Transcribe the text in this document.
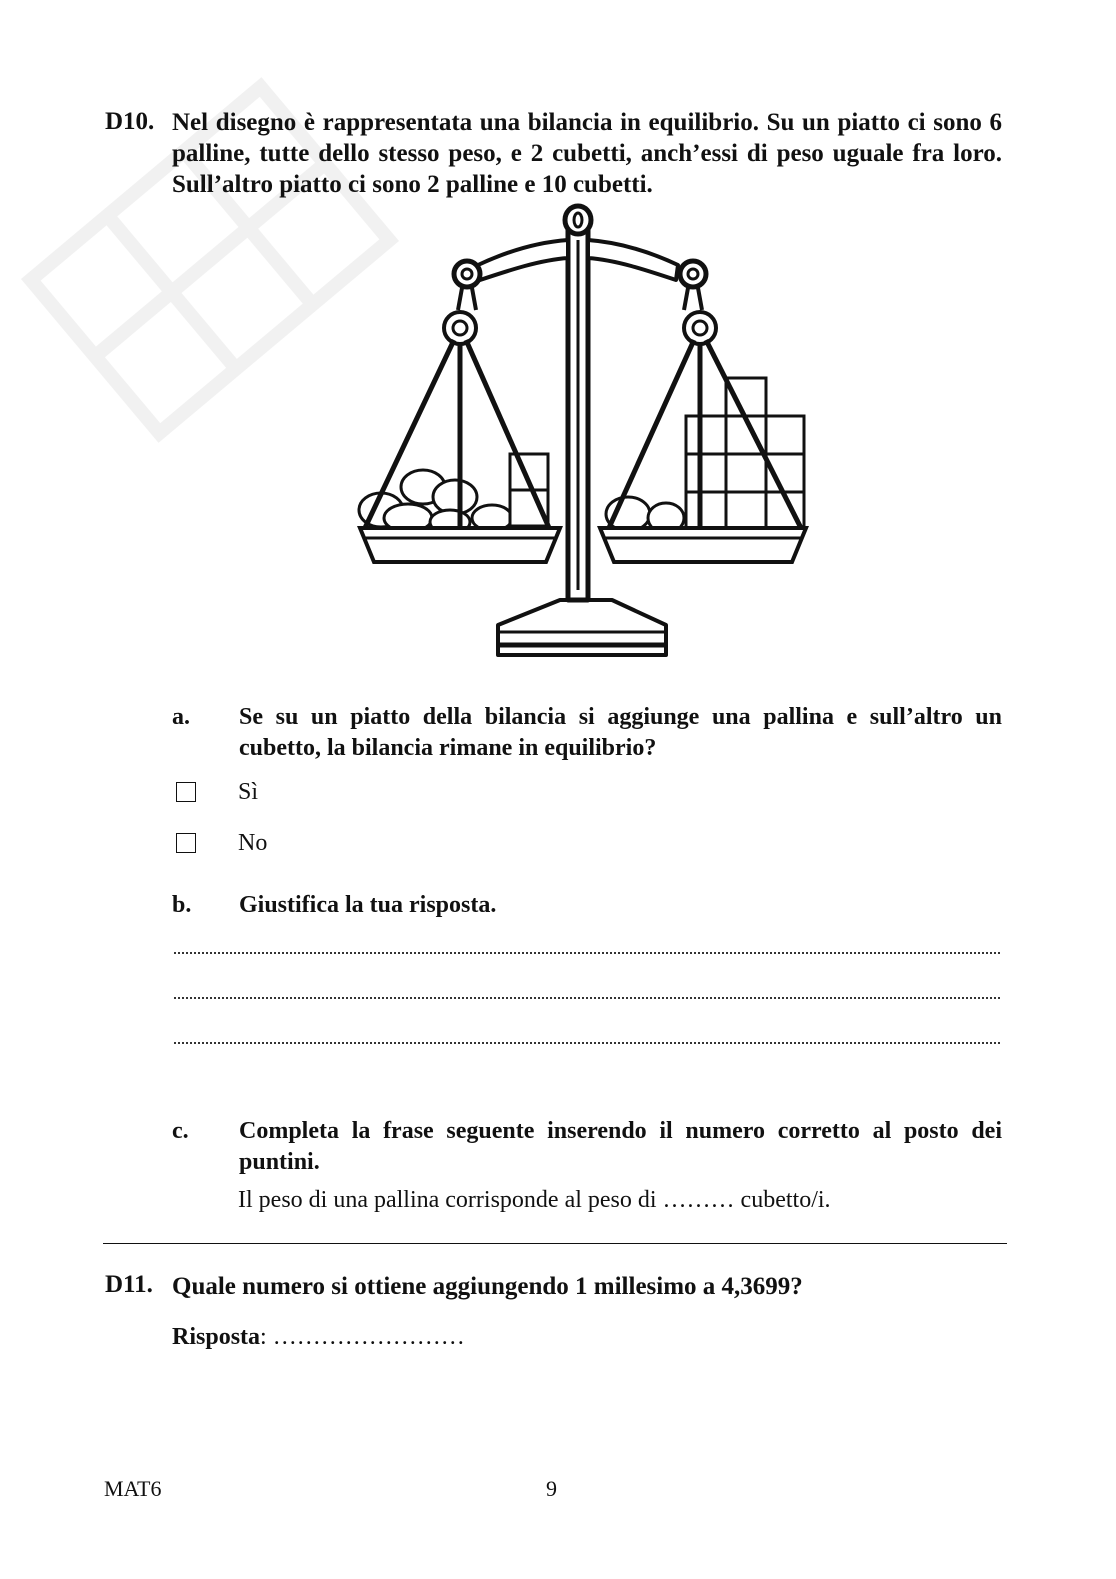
D10. Nel disegno è rappresentata una bilancia in equilibrio. Su un piatto ci sono 6 palline, tutte dello stesso peso, e 2 cubetti, anch’essi di peso uguale fra loro. Sull’altro piatto ci sono 2 palline e 10 cubetti.
a. Se su un piatto della bilancia si aggiunge una pallina e sull’altro un cubetto, la bilancia rimane in equilibrio?
Sì
No
b. Giustifica la tua risposta.
c. Completa la frase seguente inserendo il numero corretto al posto dei puntini.
Il peso di una pallina corrisponde al peso di ……… cubetto/i.
D11. Quale numero si ottiene aggiungendo 1 millesimo a 4,3699?
Risposta: ……………………
MAT6	9
